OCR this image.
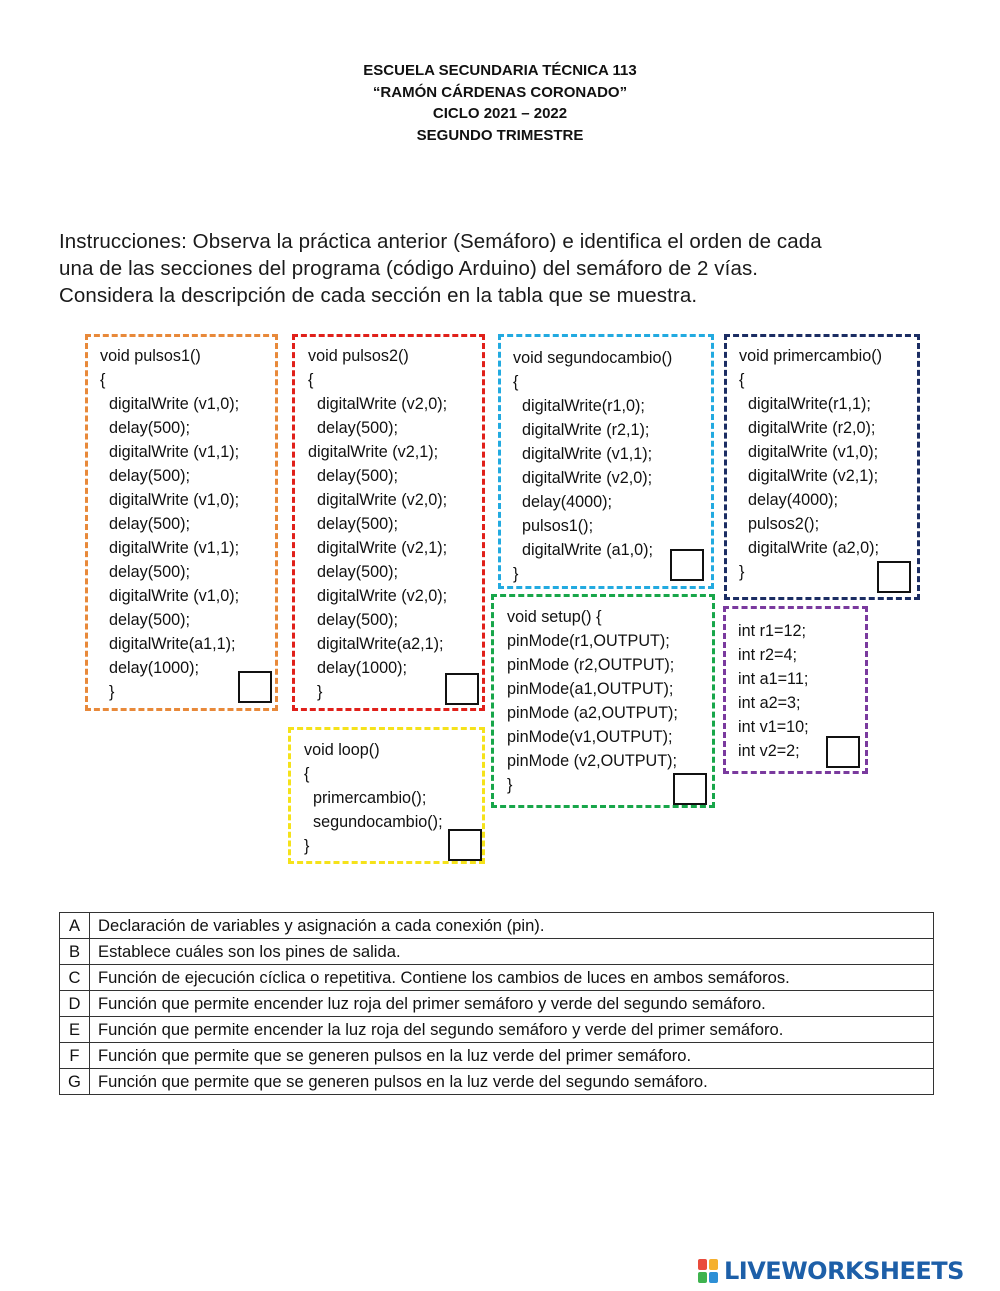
ESCUELA SECUNDARIA TÉCNICA 113
“RAMÓN CÁRDENAS CORONADO”
CICLO 2021 – 2022
SEGUNDO TRIMESTRE
Instrucciones: Observa la práctica anterior (Semáforo) e identifica el orden de cada
una de las secciones del programa (código Arduino) del semáforo de 2 vías.
Considera la descripción de cada sección en la tabla que se muestra.
void pulsos1()
{
digitalWrite (v1,0);
delay(500);
digitalWrite (v1,1);
delay(500);
digitalWrite (v1,0);
delay(500);
digitalWrite (v1,1);
delay(500);
digitalWrite (v1,0);
delay(500);
digitalWrite(a1,1);
delay(1000);
}
void pulsos2()
{
digitalWrite (v2,0);
delay(500);
digitalWrite (v2,1);
delay(500);
digitalWrite (v2,0);
delay(500);
digitalWrite (v2,1);
delay(500);
digitalWrite (v2,0);
delay(500);
digitalWrite(a2,1);
delay(1000);
}
void segundocambio()
{
digitalWrite(r1,0);
digitalWrite (r2,1);
digitalWrite (v1,1);
digitalWrite (v2,0);
delay(4000);
pulsos1();
digitalWrite (a1,0);
}
void primercambio()
{
digitalWrite(r1,1);
digitalWrite (r2,0);
digitalWrite (v1,0);
digitalWrite (v2,1);
delay(4000);
pulsos2();
digitalWrite (a2,0);
}
void setup() {
pinMode(r1,OUTPUT);
pinMode (r2,OUTPUT);
pinMode(a1,OUTPUT);
pinMode (a2,OUTPUT);
pinMode(v1,OUTPUT);
pinMode (v2,OUTPUT);
}
int r1=12;
int r2=4;
int a1=11;
int a2=3;
int v1=10;
int v2=2;
void loop()
{
primercambio();
segundocambio();
}
A	Declaración de variables y asignación a cada conexión (pin).
B	Establece cuáles son los pines de salida.
C	Función de ejecución cíclica o repetitiva. Contiene los cambios de luces en ambos semáforos.
D	Función que permite encender luz roja del primer semáforo y verde del segundo semáforo.
E	Función que permite encender la luz roja del segundo semáforo y verde del primer semáforo.
F	Función que permite que se generen pulsos en la luz verde del primer semáforo.
G	Función que permite que se generen pulsos en la luz verde del segundo semáforo.
LIVEWORKSHEETS
